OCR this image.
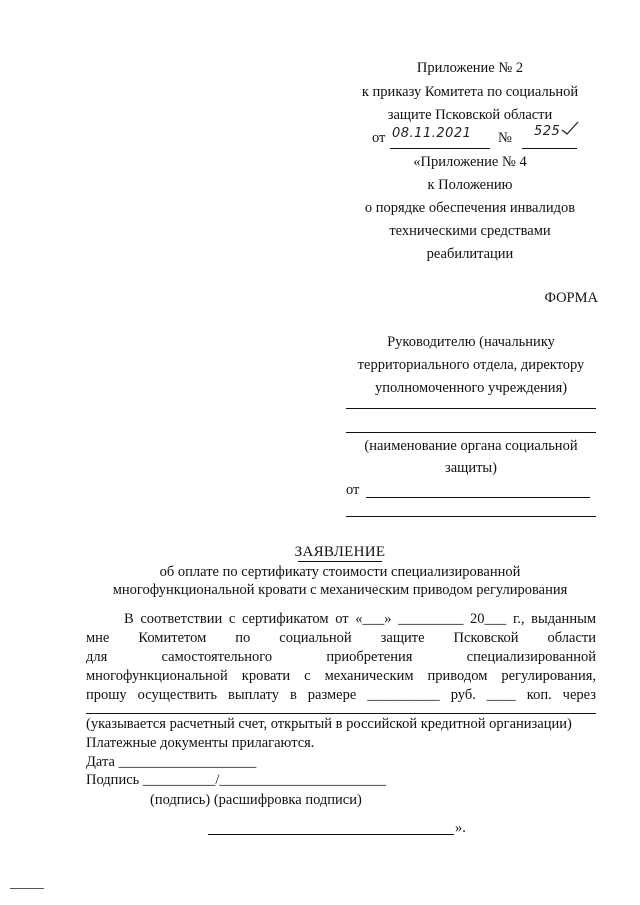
Приложение № 2
к приказу Комитета по социальной
защите Псковской области
от 08.11.2021 № 525
«Приложение № 4
к Положению
о порядке обеспечения инвалидов
техническими средствами
реабилитации
ФОРМА
Руководителю (начальнику
территориального отдела, директору
уполномоченного учреждения)
(наименование органа социальной
защиты)
от
ЗАЯВЛЕНИЕ
об оплате по сертификату стоимости специализированной
многофункциональной кровати с механическим приводом регулирования
В соответствии с сертификатом от «___» _________ 20___ г., выданным
мне Комитетом по социальной защите Псковской области
для самостоятельного приобретения специализированной
многофункциональной кровати с механическим приводом регулирования,
прошу осуществить выплату в размере __________ руб. ____ коп. через
(указывается расчетный счет, открытый в российской кредитной организации)
Платежные документы прилагаются.
Дата ___________________
Подпись __________/_______________________
(подпись) (расшифровка подписи)
».
